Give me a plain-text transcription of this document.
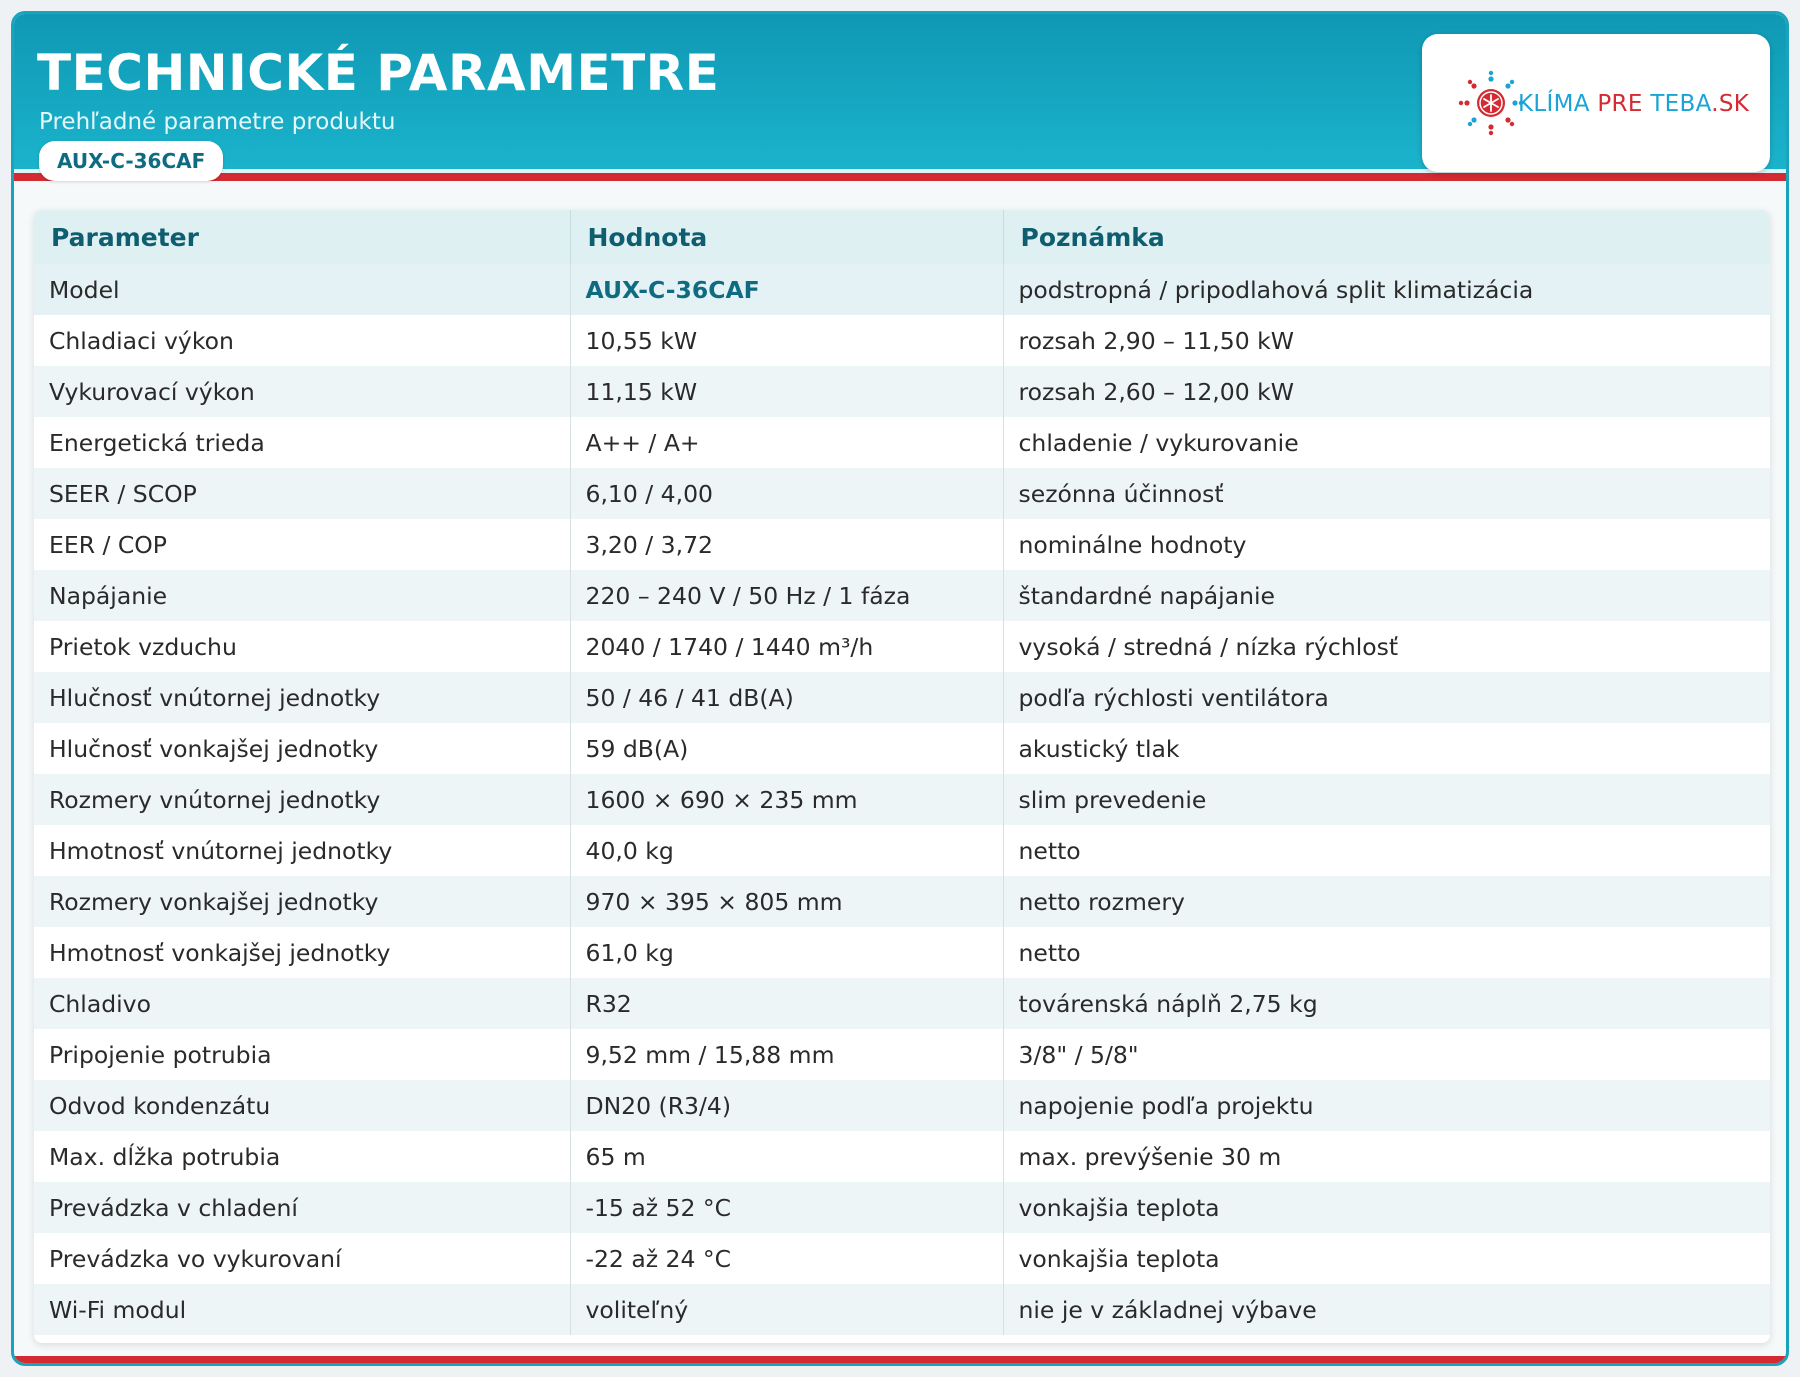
TECHNICKÉ PARAMETRE
Prehľadné parametre produktu
AUX-C-36CAF
KLÍMA PRE TEBA.SK
Parameter	Hodnota	Poznámka
Model	AUX-C-36CAF	podstropná / pripodlahová split klimatizácia
Chladiaci výkon	10,55 kW	rozsah 2,90 – 11,50 kW
Vykurovací výkon	11,15 kW	rozsah 2,60 – 12,00 kW
Energetická trieda	A++ / A+	chladenie / vykurovanie
SEER / SCOP	6,10 / 4,00	sezónna účinnosť
EER / COP	3,20 / 3,72	nominálne hodnoty
Napájanie	220 – 240 V / 50 Hz / 1 fáza	štandardné napájanie
Prietok vzduchu	2040 / 1740 / 1440 m³/h	vysoká / stredná / nízka rýchlosť
Hlučnosť vnútornej jednotky	50 / 46 / 41 dB(A)	podľa rýchlosti ventilátora
Hlučnosť vonkajšej jednotky	59 dB(A)	akustický tlak
Rozmery vnútornej jednotky	1600 × 690 × 235 mm	slim prevedenie
Hmotnosť vnútornej jednotky	40,0 kg	netto
Rozmery vonkajšej jednotky	970 × 395 × 805 mm	netto rozmery
Hmotnosť vonkajšej jednotky	61,0 kg	netto
Chladivo	R32	továrenská náplň 2,75 kg
Pripojenie potrubia	9,52 mm / 15,88 mm	3/8" / 5/8"
Odvod kondenzátu	DN20 (R3/4)	napojenie podľa projektu
Max. dĺžka potrubia	65 m	max. prevýšenie 30 m
Prevádzka v chladení	-15 až 52 °C	vonkajšia teplota
Prevádzka vo vykurovaní	-22 až 24 °C	vonkajšia teplota
Wi-Fi modul	voliteľný	nie je v základnej výbave
